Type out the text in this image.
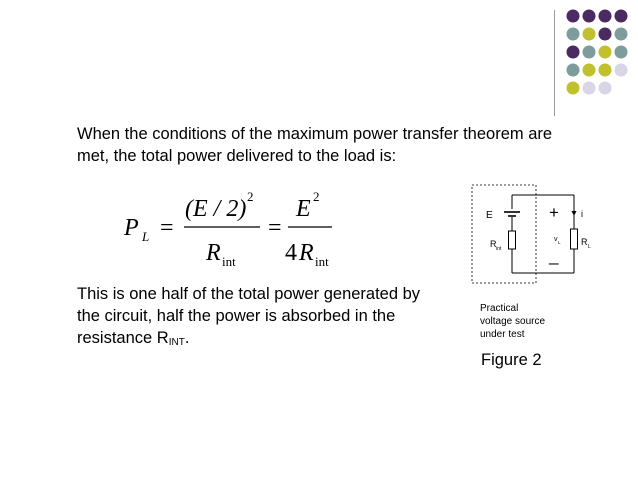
When the conditions of the maximum power transfer theorem are met, the total power delivered to the load is:
P L =
(E / 2) 2
R int
=
E 2
4 R int
This is one half of the total power generated by the circuit, half the power is absorbed in the resistance $R_{INT}$.
E
R int
+
_
v L
i
R L
Practical
voltage source
under test
Figure 2
